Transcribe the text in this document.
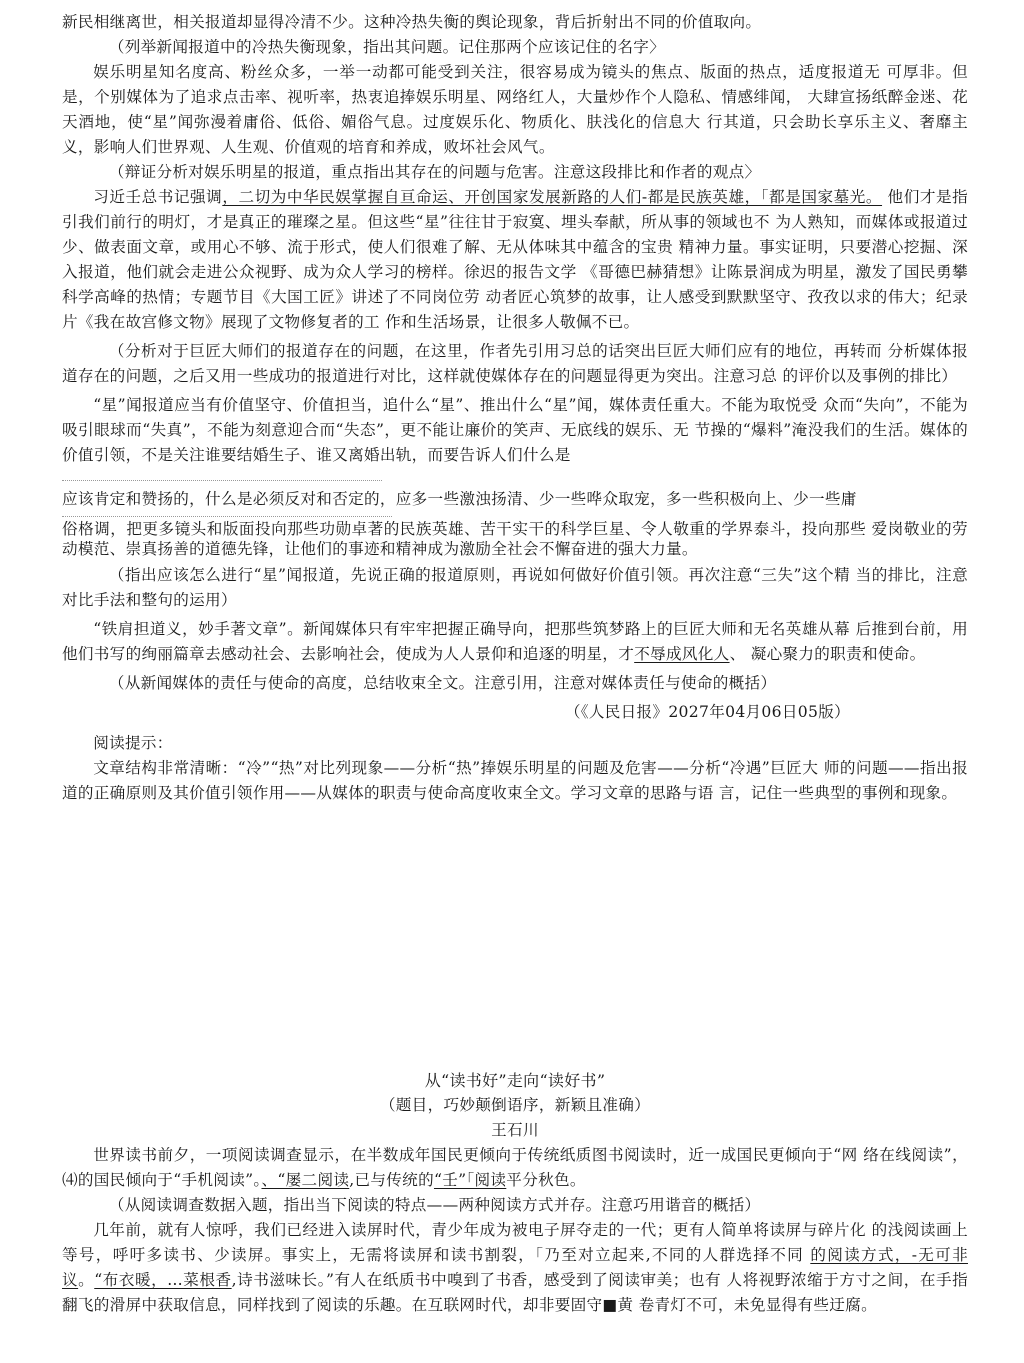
新民相继离世，相关报道却显得冷清不少。这种冷热失衡的舆论现象，背后折射出不同的价值取向。

（列举新闻报道中的冷热失衡现象，指出其问题。记住那两个应该记住的名字〉

娱乐明星知名度高、粉丝众多，一举一动都可能受到关注，很容易成为镜头的焦点、版面的热点，适度报道无 可厚非。但是，个别媒体为了追求点击率、视听率，热衷追捧娱乐明星、网络红人，大量炒作个人隐私、情感绯闻， 大肆宣扬纸醉金迷、花天酒地，使“星”闻弥漫着庸俗、低俗、媚俗气息。过度娱乐化、物质化、肤浅化的信息大 行其道，只会助长享乐主义、奢靡主义，影响人们世界观、人生观、价值观的培育和养成，败坏社会风气。

（辩证分析对娱乐明星的报道，重点指出其存在的问题与危害。注意这段排比和作者的观点〉

习近壬总书记强调，二切为中华民娱掌握自亘命运、开创国家发展新路的人们-都是民族英雄，「都是国家墓光。 他们才是指引我们前行的明灯，才是真正的璀璨之星。但这些“星”往往甘于寂寞、埋头奉献，所从事的领域也不 为人熟知，而媒体或报道过少、做表面文章，或用心不够、流于形式，使人们很难了解、无从体味其中蕴含的宝贵 精神力量。事实证明，只要潜心挖掘、深入报道，他们就会走进公众视野、成为众人学习的榜样。徐迟的报告文学 《哥德巴赫猜想》让陈景润成为明星，激发了国民勇攀科学高峰的热情；专题节目《大国工匠》讲述了不同岗位劳 动者匠心筑梦的故事，让人感受到默默坚守、孜孜以求的伟大；纪录片《我在故宫修文物》展现了文物修复者的工 作和生活场景，让很多人敬佩不已。

（分析对于巨匠大师们的报道存在的问题，在这里，作者先引用习总的话突出巨匠大师们应有的地位，再转而 分析媒体报道存在的问题，之后又用一些成功的报道进行对比，这样就使媒体存在的问题显得更为突出。注意习总 的评价以及事例的排比）

“星”闻报道应当有价值坚守、价值担当，追什么“星”、推出什么“星”闻，媒体责任重大。不能为取悦受 众而“失向”，不能为吸引眼球而“失真”，不能为刻意迎合而“失态”，更不能让廉价的笑声、无底线的娱乐、无 节操的“爆料”淹没我们的生活。媒体的价值引领，不是关注谁要结婚生子、谁又离婚出轨，而要告诉人们什么是

应该肯定和赞扬的，什么是必须反对和否定的，应多一些激浊扬清、少一些哗众取宠，多一些积极向上、少一些庸

俗格调，把更多镜头和版面投向那些功勋卓著的民族英雄、苦干实干的科学巨星、令人敬重的学界泰斗，投向那些 爱岗敬业的劳动模范、崇真扬善的道德先锋，让他们的事迹和精神成为激励全社会不懈奋进的强大力量。

（指出应该怎么进行“星”闻报道，先说正确的报道原则，再说如何做好价值引领。再次注意“三失”这个精 当的排比，注意对比手法和整句的运用）

“铁肩担道义，妙手著文章”。新闻媒体只有牢牢把握正确导向，把那些筑梦路上的巨匠大师和无名英雄从幕 后推到台前，用他们书写的绚丽篇章去感动社会、去影响社会，使成为人人景仰和追逐的明星，才不辱成风化人、 凝心聚力的职责和使命。

（从新闻媒体的责任与使命的高度，总结收束全文。注意引用，注意对媒体责任与使命的概括）

（《人民日报》2027年04月06日05版）

阅读提示：

文章结构非常清晰：“冷”“热”对比列现象——分析“热”捧娱乐明星的问题及危害——分析“冷遇”巨匠大 师的问题——指出报道的正确原则及其价值引领作用——从媒体的职责与使命高度收束全文。学习文章的思路与语 言，记住一些典型的事例和现象。

从“读书好”走向“读好书”

（题目，巧妙颠倒语序，新颖且准确）

王石川

世界读书前夕，一项阅读调查显示，在半数成年国民更倾向于传统纸质图书阅读时，近一成国民更倾向于“网 络在线阅读”，⑷的国民倾向于“手机阅读”。、“屡二阅读,已与传统的“壬”「阅读平分秋色。

（从阅读调查数据入题，指出当下阅读的特点——两种阅读方式并存。注意巧用谐音的概括）

几年前，就有人惊呼，我们已经进入读屏时代，青少年成为被电子屏夺走的一代；更有人简单将读屏与碎片化 的浅阅读画上等号，呼吁多读书、少读屏。事实上，无需将读屏和读书割裂，「乃至对立起来,不同的人群选择不同 的阅读方式，-无可非议。“布衣暖，…菜根香,诗书滋味长。”有人在纸质书中嗅到了书香，感受到了阅读审美；也有 人将视野浓缩于方寸之间，在手指翻飞的滑屏中获取信息，同样找到了阅读的乐趣。在互联网时代，却非要固守■黄 卷青灯不可，未免显得有些迂腐。
